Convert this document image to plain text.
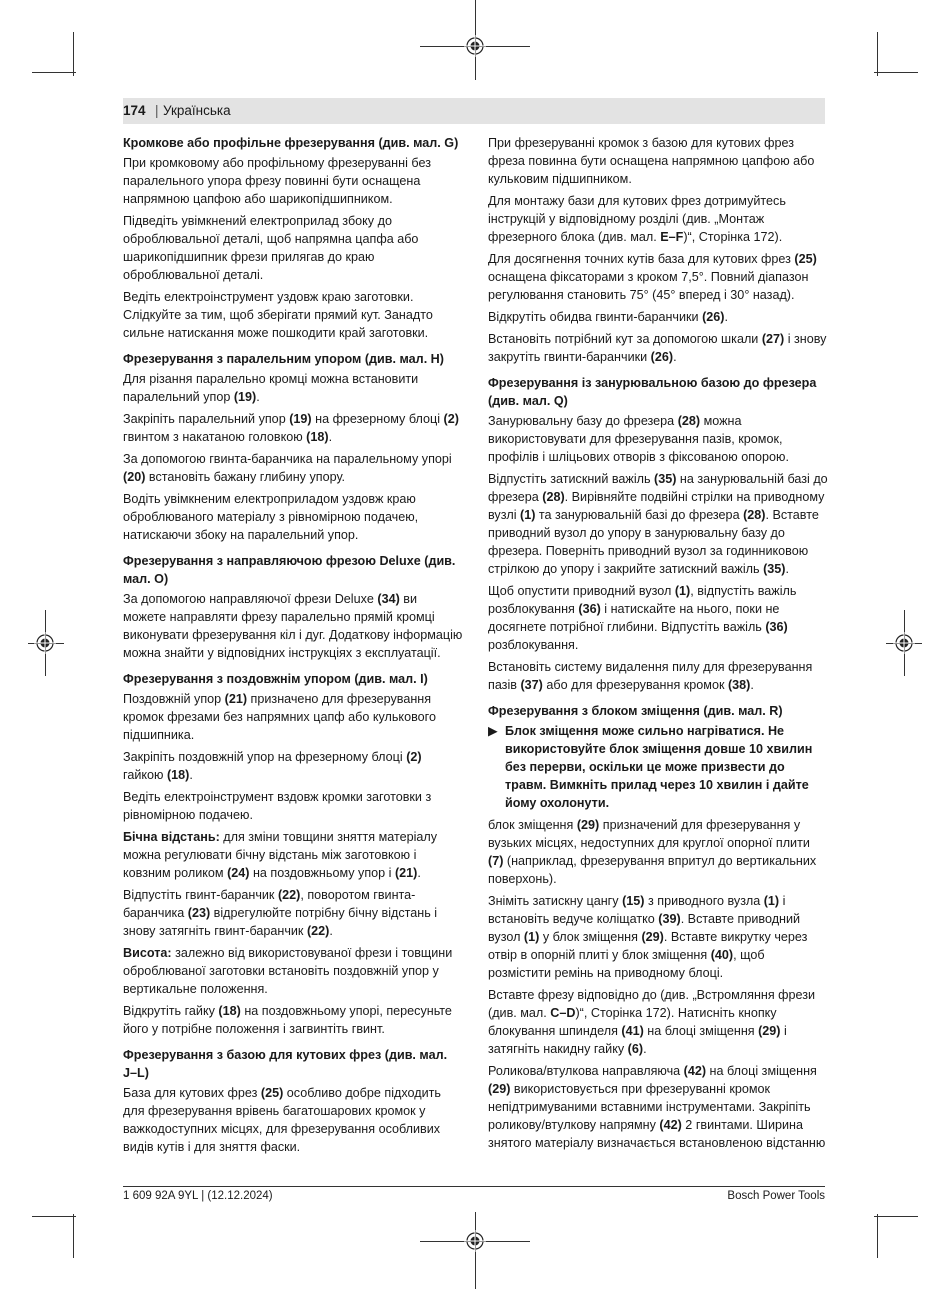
174 | Українська
Кромкове або профільне фрезерування (див. мал. G)

При кромковому або профільному фрезеруванні без паралельного упора фрезу повинні бути оснащена напрямною цапфою або шарикопідшипником.

Підведіть увімкнений електроприлад збоку до оброблювальної деталі, щоб напрямна цапфа або шарикопідшипник фрези прилягав до краю оброблювальної деталі.

Ведіть електроінструмент уздовж краю заготовки. Слідкуйте за тим, щоб зберігати прямий кут. Занадто сильне натискання може пошкодити край заготовки.

Фрезерування з паралельним упором (див. мал. H)

Для різання паралельно кромці можна встановити паралельний упор (19).

Закріпіть паралельний упор (19) на фрезерному блоці (2) гвинтом з накатаною головкою (18).

За допомогою гвинта-баранчика на паралельному упорі (20) встановіть бажану глибину упору.

Водіть увімкненим електроприладом уздовж краю оброблюваного матеріалу з рівномірною подачею, натискаючи збоку на паралельний упор.

Фрезерування з направляючою фрезою Deluxe (див. мал. O)

За допомогою направляючої фрези Deluxe (34) ви можете направляти фрезу паралельно прямій кромці виконувати фрезерування кіл і дуг. Додаткову інформацію можна знайти у відповідних інструкціях з експлуатації.

Фрезерування з поздовжнім упором (див. мал. I)

Поздовжній упор (21) призначено для фрезерування кромок фрезами без напрямних цапф або кулькового підшипника.

Закріпіть поздовжній упор на фрезерному блоці (2) гайкою (18).

Ведіть електроінструмент вздовж кромки заготовки з рівномірною подачею.

Бічна відстань: для зміни товщини зняття матеріалу можна регулювати бічну відстань між заготовкою і ковзним роликом (24) на поздовжньому упор і (21).

Відпустіть гвинт-баранчик (22), поворотом гвинта-баранчика (23) відрегулюйте потрібну бічну відстань і знову затягніть гвинт-баранчик (22).

Висота: залежно від використовуваної фрези і товщини оброблюваної заготовки встановіть поздовжній упор у вертикальне положення.

Відкрутіть гайку (18) на поздовжньому упорі, пересуньте його у потрібне положення і загвинтіть гвинт.

Фрезерування з базою для кутових фрез (див. мал. J–L)

База для кутових фрез (25) особливо добре підходить для фрезерування врівень багатошарових кромок у важкодоступних місцях, для фрезерування особливих видів кутів і для зняття фаски.

При фрезеруванні кромок з базою для кутових фрез фреза повинна бути оснащена напрямною цапфою або кульковим підшипником.

Для монтажу бази для кутових фрез дотримуйтесь інструкцій у відповідному розділі (див. „Монтаж фрезерного блока (див. мал. E–F)“, Сторінка 172).

Для досягнення точних кутів база для кутових фрез (25) оснащена фіксаторами з кроком 7,5°. Повний діапазон регулювання становить 75° (45° вперед і 30° назад).

Відкрутіть обидва гвинти-баранчики (26).

Встановіть потрібний кут за допомогою шкали (27) і знову закрутіть гвинти-баранчики (26).

Фрезерування із занурювальною базою до фрезера (див. мал. Q)

Занурювальну базу до фрезера (28) можна використовувати для фрезерування пазів, кромок, профілів і шліцьових отворів з фіксованою опорою.

Відпустіть затискний важіль (35) на занурювальній базі до фрезера (28). Вирівняйте подвійні стрілки на приводному вузлі (1) та занурювальній базі до фрезера (28). Вставте приводний вузол до упору в занурювальну базу до фрезера. Поверніть приводний вузол за годинниковою стрілкою до упору і закрийте затискний важіль (35).

Щоб опустити приводний вузол (1), відпустіть важіль розблокування (36) і натискайте на нього, поки не досягнете потрібної глибини. Відпустіть важіль (36) розблокування.

Встановіть систему видалення пилу для фрезерування пазів (37) або для фрезерування кромок (38).

Фрезерування з блоком зміщення (див. мал. R)

▶ Блок зміщення може сильно нагріватися. Не використовуйте блок зміщення довше 10 хвилин без перерви, оскільки це може призвести до травм. Вимкніть прилад через 10 хвилин і дайте йому охолонути.

блок зміщення (29) призначений для фрезерування у вузьких місцях, недоступних для круглої опорної плити (7) (наприклад, фрезерування впритул до вертикальних поверхонь).

Зніміть затискну цангу (15) з приводного вузла (1) і встановіть ведуче коліщатко (39). Вставте приводний вузол (1) у блок зміщення (29). Вставте викрутку через отвір в опорній плиті у блок зміщення (40), щоб розмістити ремінь на приводному блоці.

Вставте фрезу відповідно до (див. „Встромляння фрези (див. мал. C–D)“, Сторінка 172). Натисніть кнопку блокування шпинделя (41) на блоці зміщення (29) і затягніть накидну гайку (6).

Роликова/втулкова направляюча (42) на блоці зміщення (29) використовується при фрезеруванні кромок непідтримуваними вставними інструментами. Закріпіть роликову/втулкову напрямну (42) 2 гвинтами. Ширина знятого матеріалу визначається встановленою відстанню

1 609 92A 9YL | (12.12.2024)	Bosch Power Tools
